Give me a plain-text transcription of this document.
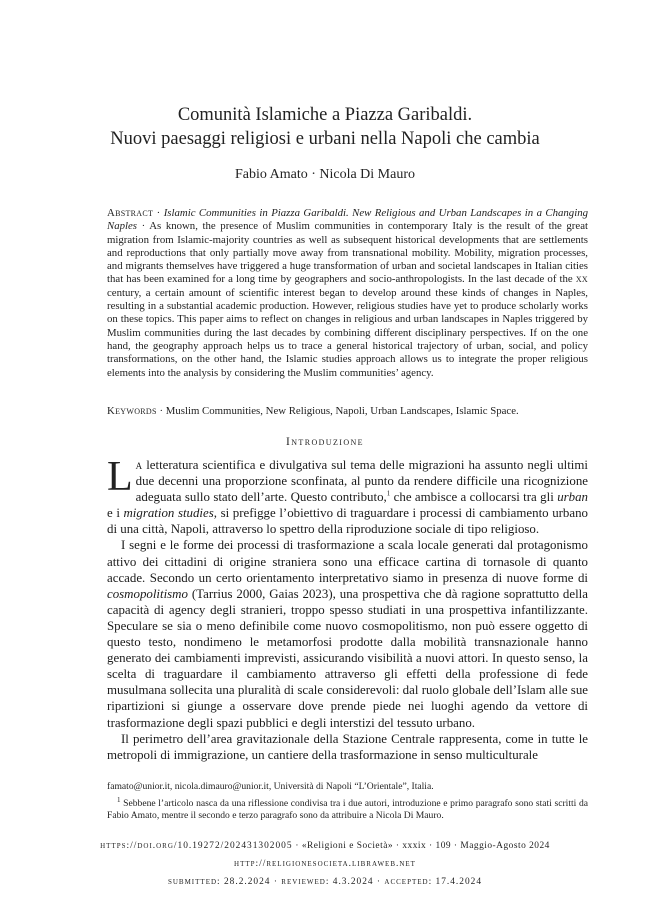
Comunità Islamiche a Piazza Garibaldi.
Nuovi paesaggi religiosi e urbani nella Napoli che cambia
Fabio Amato · Nicola Di Mauro
Abstract · Islamic Communities in Piazza Garibaldi. New Religious and Urban Landscapes in a Changing Naples · As known, the presence of Muslim communities in contemporary Italy is the result of the great migration from Islamic-majority countries as well as subsequent historical developments that are settlements and reproductions that only partially move away from transnational mobility. Mobility, migration processes, and migrants themselves have triggered a huge transformation of urban and societal landscapes in Italian cities that has been examined for a long time by geographers and socio-anthropologists. In the last decade of the xx century, a certain amount of scientific interest began to develop around these kinds of changes in Naples, resulting in a substantial academic production. However, religious studies have yet to produce scholarly works on these topics. This paper aims to reflect on changes in religious and urban landscapes in Naples triggered by Muslim communities during the last decades by combining different disciplinary perspectives. If on the one hand, the geography approach helps us to trace a general historical trajectory of urban, social, and policy transformations, on the other hand, the Islamic studies approach allows us to integrate the proper religious elements into the analysis by considering the Muslim communities’ agency.
Keywords · Muslim Communities, New Religious, Napoli, Urban Landscapes, Islamic Space.
Introduzione

La letteratura scientifica e divulgativa sul tema delle migrazioni ha assunto negli ultimi due decenni una proporzione sconfinata, al punto da rendere difficile una ricognizione adeguata sullo stato dell’arte. Questo contributo,$^1$ che ambisce a collocarsi tra gli urban e i migration studies, si prefigge l’obiettivo di traguardare i processi di cambiamento urbano di una città, Napoli, attraverso lo spettro della riproduzione sociale di tipo religioso.

I segni e le forme dei processi di trasformazione a scala locale generati dal protagonismo attivo dei cittadini di origine straniera sono una efficace cartina di tornasole di quanto accade. Secondo un certo orientamento interpretativo siamo in presenza di nuove forme di cosmopolitismo (Tarrius 2000, Gaias 2023), una prospettiva che dà ragione soprattutto della capacità di agency degli stranieri, troppo spesso studiati in una prospettiva infantilizzante. Speculare se sia o meno definibile come nuovo cosmopolitismo, non può essere oggetto di questo testo, nondimeno le metamorfosi prodotte dalla mobilità transnazionale hanno generato dei cambiamenti imprevisti, assicurando visibilità a nuovi attori. In questo senso, la scelta di traguardare il cambiamento attraverso gli effetti della professione di fede musulmana sollecita una pluralità di scale considerevoli: dal ruolo globale dell’Islam alle sue ripartizioni si giunge a osservare dove prende piede nei luoghi agendo da vettore di trasformazione degli spazi pubblici e degli interstizi del tessuto urbano.

Il perimetro dell’area gravitazionale della Stazione Centrale rappresenta, come in tutte le metropoli di immigrazione, un cantiere della trasformazione in senso multiculturale

famato@unior.it, nicola.dimauro@unior.it, Università di Napoli “L’Orientale”, Italia.

$^1$ Sebbene l’articolo nasca da una riflessione condivisa tra i due autori, introduzione e primo paragrafo sono stati scritti da Fabio Amato, mentre il secondo e terzo paragrafo sono da attribuire a Nicola Di Mauro.

https://doi.org/10.19272/202431302005 · «Religioni e Società» · xxxix · 109 · Maggio-Agosto 2024
http://religionesocieta.libraweb.net
submitted: 28.2.2024 · reviewed: 4.3.2024 · accepted: 17.4.2024
